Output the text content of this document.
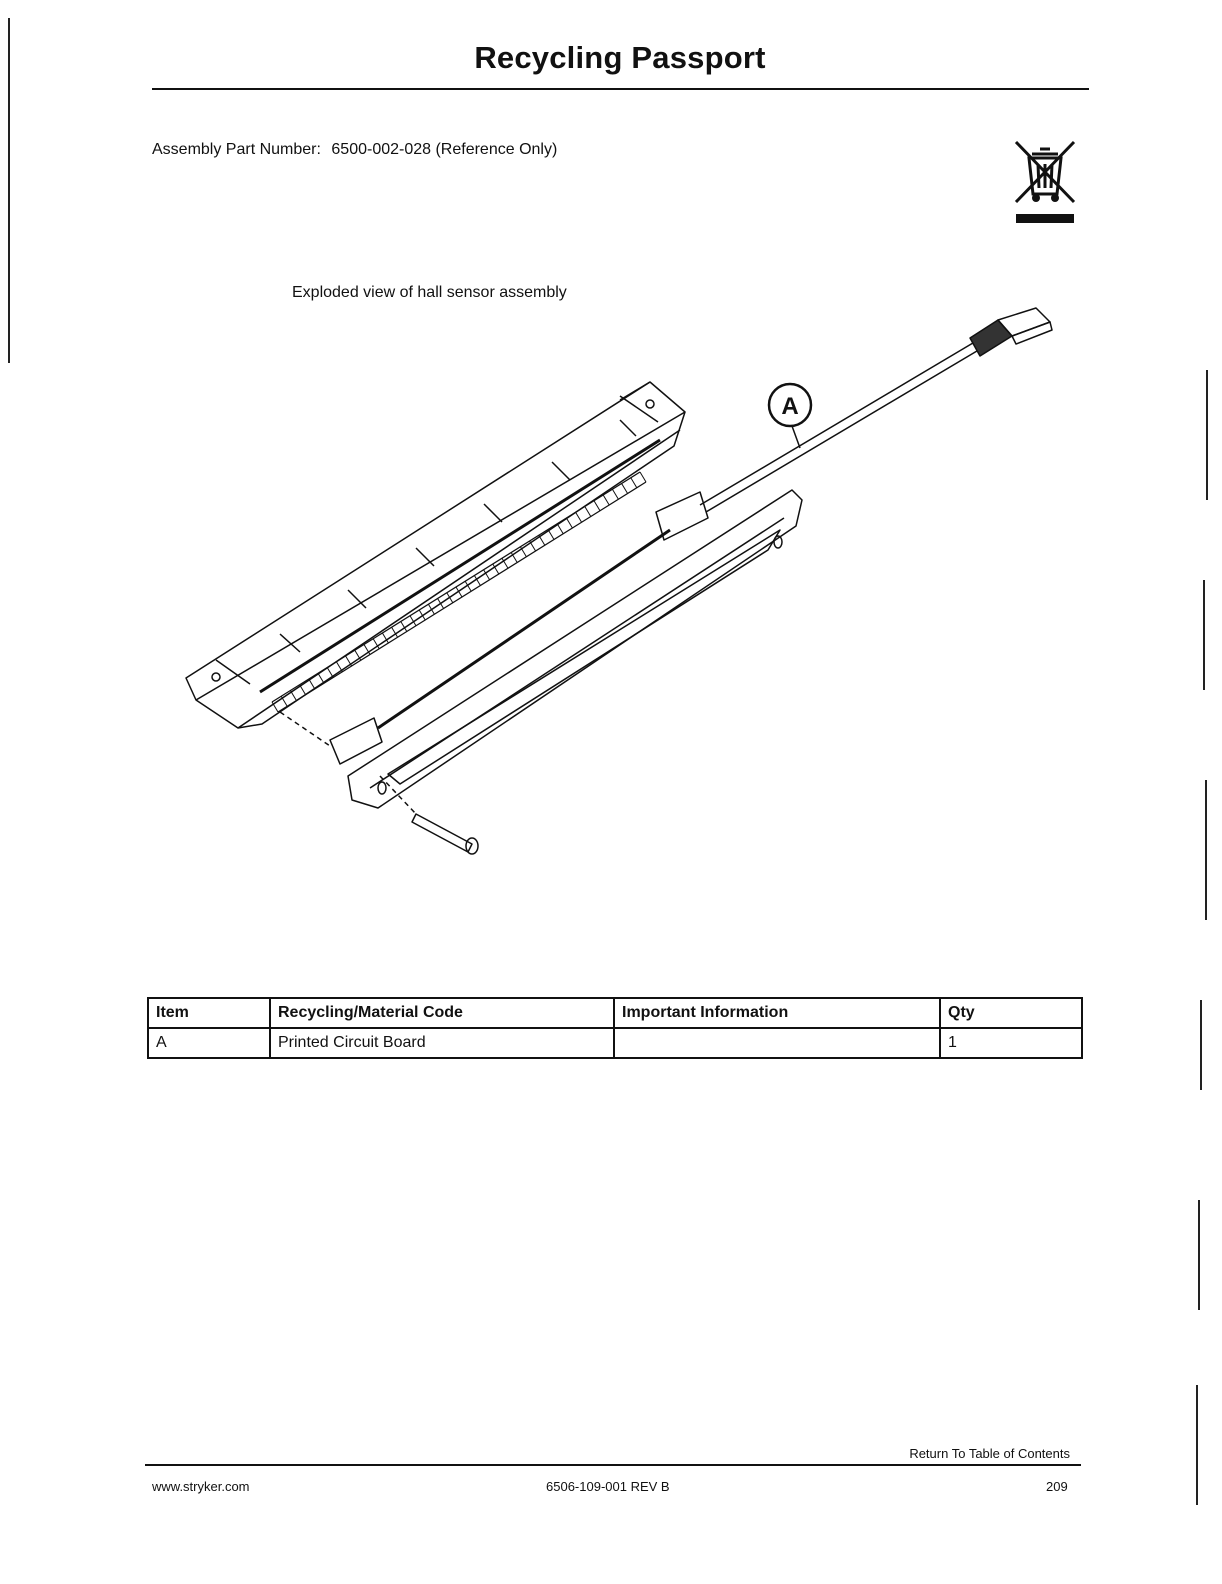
Recycling Passport
Assembly Part Number: 6500-002-028 (Reference Only)
Exploded view of hall sensor assembly
A
Item	Recycling/Material Code	Important Information	Qty
A	Printed Circuit Board		1
Return To Table of Contents
www.stryker.com	6506-109-001 REV B	209
